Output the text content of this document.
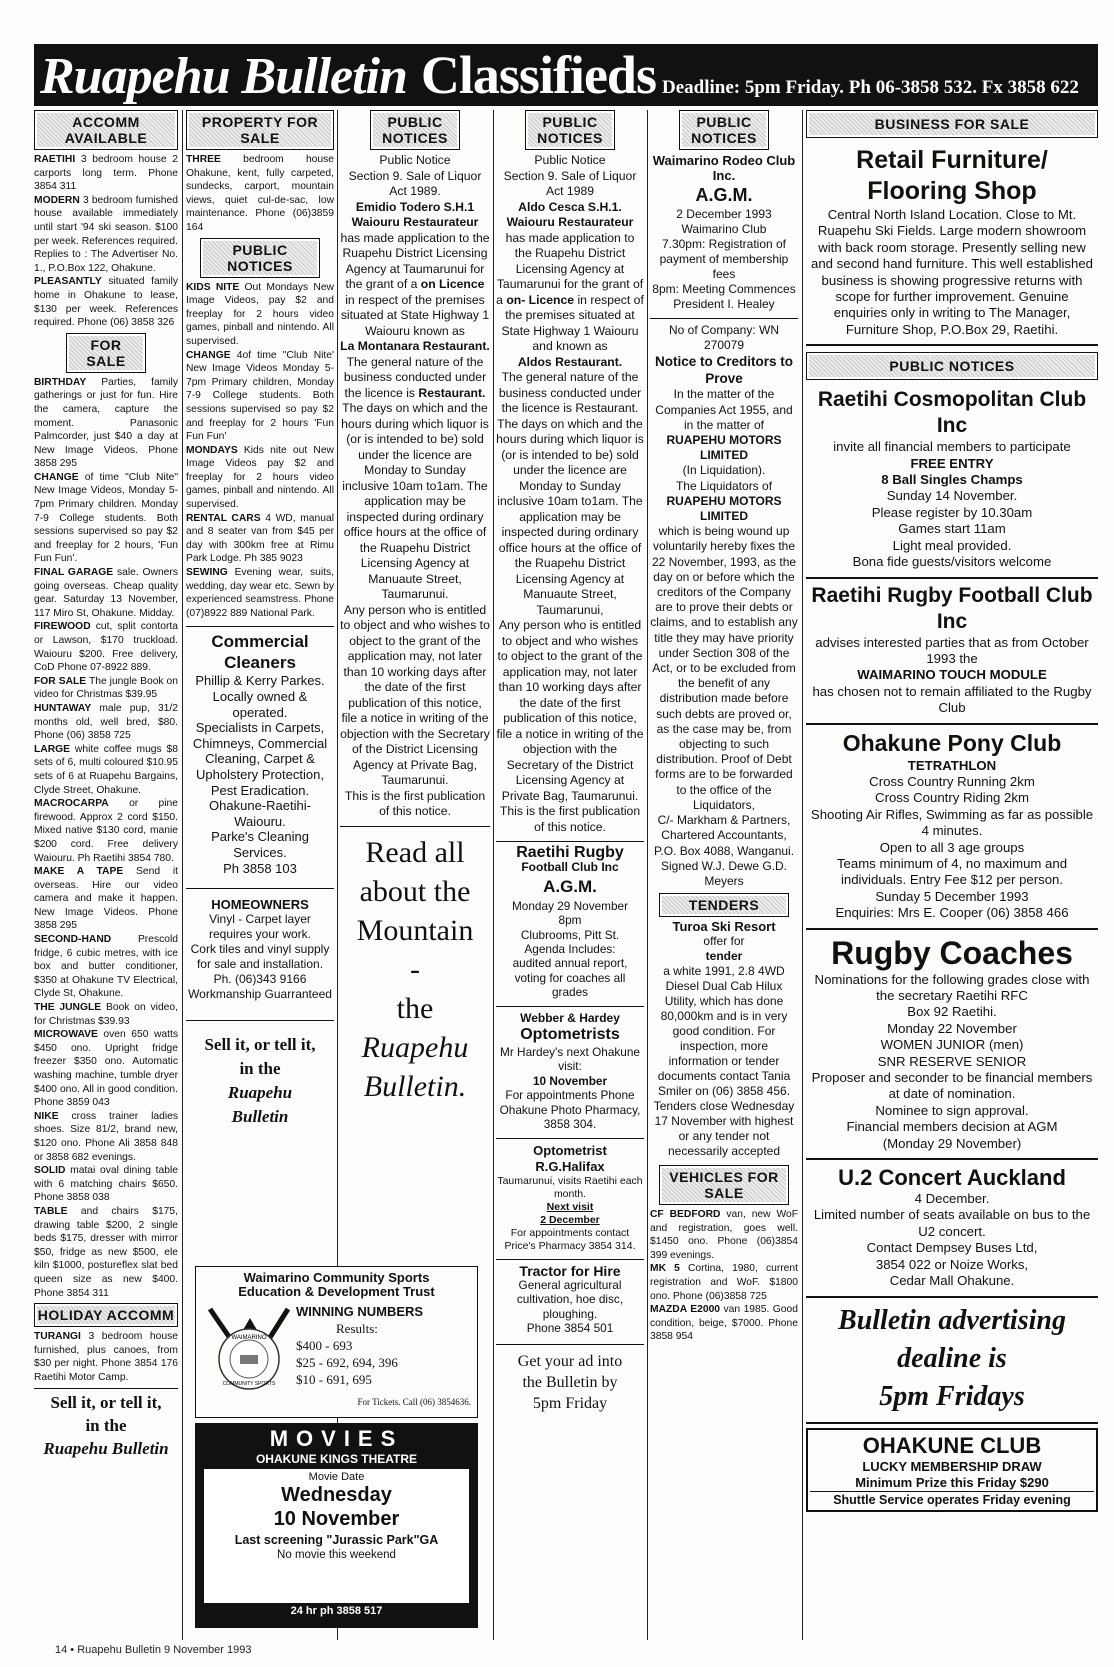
Ruapehu Bulletin Classifieds Deadline: 5pm Friday. Ph 06-3858 532. Fx 3858 622
ACCOMM AVAILABLE

RAETIHI 3 bedroom house 2 carports long term. Phone 3854 311

MODERN 3 bedroom furnished house available immediately until start '94 ski season. $100 per week. References required. Replies to : The Advertiser No. 1., P.O.Box 122, Ohakune.

PLEASANTLY situated family home in Ohakune to lease, $130 per week. References required. Phone (06) 3858 326

FOR SALE

BIRTHDAY Parties, family gatherings or just for fun. Hire the camera, capture the moment. Panasonic Palmcorder, just $40 a day at New Image Videos. Phone 3858 295

CHANGE of time "Club Nite" New Image Videos, Monday 5-7pm Primary children. Monday 7-9 College students. Both sessions supervised so pay $2 and freeplay for 2 hours, 'Fun Fun Fun'.

FINAL GARAGE sale. Owners going overseas. Cheap quality gear. Saturday 13 November, 117 Miro St, Ohakune. Midday.

FIREWOOD cut, split contorta or Lawson, $170 truckload. Waiouru $200. Free delivery, CoD Phone 07-8922 889.

FOR SALE The jungle Book on video for Christmas $39.95

HUNTAWAY male pup, 31/2 months old, well bred, $80. Phone (06) 3858 725

LARGE white coffee mugs $8 sets of 6, multi coloured $10.95 sets of 6 at Ruapehu Bargains, Clyde Street, Ohakune.

MACROCARPA or pine firewood. Approx 2 cord $150. Mixed native $130 cord, manie $200 cord. Free delivery Waiouru. Ph Raetihi 3854 780.

MAKE A TAPE Send it overseas. Hire our video camera and make it happen. New Image Videos. Phone 3858 295

SECOND-HAND	Prescold fridge, 6 cubic metres, with ice box and butter conditioner, $350 at Ohakune TV Electrical, Clyde St, Ohakune.

THE JUNGLE Book on video, for Christmas $39.93

MICROWAVE oven 650 watts $450 ono. Upright fridge freezer $350 ono. Automatic washing machine, tumble dryer $400 ono. All in good condition. Phone 3859 043

NIKE cross trainer ladies shoes. Size 81/2, brand new, $120 ono. Phone Ali 3858 848 or 3858 682 evenings.

SOLID matai oval dining table with 6 matching chairs $650. Phone 3858 038

TABLE and chairs $175, drawing table $200, 2 single beds $175, dresser with mirror $50, fridge as new $500, ele kiln $1000, postureflex slat bed queen size as new $400. Phone 3854 311

HOLIDAY ACCOMM

TURANGI 3 bedroom house furnished, plus canoes, from $30 per night. Phone 3854 176 Raetihi Motor Camp.

Sell it, or tell it,
in the
Ruapehu Bulletin
PROPERTY FOR SALE

THREE bedroom house Ohakune, kent, fully carpeted, sundecks, carport, mountain views, quiet cul-de-sac, low maintenance. Phone (06)3859 164

PUBLIC NOTICES

KIDS NITE Out Mondays New Image Videos, pay $2 and freeplay for 2 hours video games, pinball and nintendo. All supervised.

CHANGE 4of time "Club Nite' New Image Videos Monday 5-7pm Primary children, Monday 7-9 College students. Both sessions supervised so pay $2 and freeplay for 2 hours 'Fun Fun Fun'

MONDAYS Kids nite out New Image Videos pay $2 and freeplay for 2 hours video games, pinball and nintendo. All supervised.

RENTAL CARS 4 WD, manual and 8 seater van from $45 per day with 300km free at Rimu Park Lodge. Ph 385 9023

SEWING Evening wear, suits, wedding, day wear etc. Sewn by experienced seamstress. Phone (07)8922 889 National Park.

Commercial Cleaners
Phillip & Kerry Parkes.
Locally owned & operated.
Specialists in Carpets, Chimneys, Commercial Cleaning, Carpet & Upholstery Protection, Pest Eradication.
Ohakune-Raetihi-Waiouru.
Parke's Cleaning Services.
Ph 3858 103
HOMEOWNERS
Vinyl - Carpet layer requires your work.
Cork tiles and vinyl supply for sale and installation.
Ph. (06)343 9166
Workmanship Guarranteed
Sell it, or tell it,
in the
Ruapehu
Bulletin
PUBLIC NOTICES
Public Notice
Section 9. Sale of Liquor Act 1989.
Emidio Todero S.H.1 Waiouru Restaurateur
has made application to the Ruapehu District Licensing Agency at Taumarunui for the grant of a on Licence in respect of the premises situated at State Highway 1 Waiouru known as
La Montanara Restaurant.
The general nature of the business conducted under the licence is Restaurant. The days on which and the hours during which liquor is (or is intended to be) sold under the licence are Monday to Sunday inclusive 10am to1am. The application may be inspected during ordinary office hours at the office of the Ruapehu District Licensing Agency at Manuaute Street, Taumarunui.
Any person who is entitled to object and who wishes to object to the grant of the application may, not later than 10 working days after the date of the first publication of this notice, file a notice in writing of the objection with the Secretary of the District Licensing Agency at Private Bag, Taumarunui.
This is the first publication of this notice.
Read all
about the
Mountain
-
the
Ruapehu
Bulletin.
PUBLIC NOTICES
Public Notice
Section 9. Sale of Liquor Act 1989
Aldo Cesca S.H.1. Waiouru Restaurateur
has made application to the Ruapehu District Licensing Agency at Taumarunui for the grant of a on- Licence in respect of the premises situated at State Highway 1 Waiouru and known as
Aldos Restaurant.
The general nature of the business conducted under the licence is Restaurant. The days on which and the hours during which liquor is (or is intended to be) sold under the licence are Monday to Sunday inclusive 10am to1am. The application may be inspected during ordinary office hours at the office of the Ruapehu District Licensing Agency at Manuaute Street, Taumarunui,
Any person who is entitled to object and who wishes to object to the grant of the application may, not later than 10 working days after the date of the first publication of this notice, file a notice in writing of the objection with the Secretary of the District Licensing Agency at Private Bag, Taumarunui.
This is the first publication of this notice.
Raetihi Rugby
Football Club Inc
A.G.M.
Monday 29 November
8pm
Clubrooms, Pitt St.
Agenda Includes:
audited annual report, voting for coaches all grades
Webber & Hardey
Optometrists
Mr Hardey's next Ohakune visit:
10 November
For appointments Phone Ohakune Photo Pharmacy, 3858 304.
Optometrist
R.G.Halifax
Taumarunui, visits Raetihi each month.
Next visit
2 December
For appointments contact Price's Pharmacy 3854 314.
Tractor for Hire
General agricultural cultivation, hoe disc, ploughing.
Phone 3854 501
Get your ad into
the Bulletin by
5pm Friday
PUBLIC NOTICES
Waimarino Rodeo Club Inc.
A.G.M.
2 December 1993
Waimarino Club
7.30pm: Registration of payment of membership fees
8pm: Meeting Commences
President I. Healey
No of Company: WN 270079
Notice to Creditors to Prove
In the matter of the Companies Act 1955, and in the matter of
RUAPEHU MOTORS LIMITED
(In Liquidation).
The Liquidators of
RUAPEHU MOTORS LIMITED
which is being wound up voluntarily hereby fixes the 22 November, 1993, as the day on or before which the creditors of the Company are to prove their debts or claims, and to establish any title they may have priority under Section 308 of the Act, or to be excluded from the benefit of any distribution made before such debts are proved or, as the case may be, from objecting to such distribution. Proof of Debt forms are to be forwarded to the office of the Liquidators,
C/- Markham & Partners, Chartered Accountants, P.O. Box 4088, Wanganui.
Signed W.J. Dewe G.D. Meyers
TENDERS
Turoa Ski Resort
offer for
tender
a white 1991, 2.8 4WD Diesel Dual Cab Hilux Utility, which has done 80,000km and is in very good condition. For inspection, more information or tender documents contact Tania Smiler on (06) 3858 456. Tenders close Wednesday 17 November with highest or any tender not necessarily accepted
VEHICLES FOR SALE

CF BEDFORD van, new WoF and registration, goes well. $1450 ono. Phone (06)3854 399 evenings.

MK 5 Cortina, 1980, current registration and WoF. $1800 ono. Phone (06)3858 725

MAZDA E2000 van 1985. Good condition, beige, $7000. Phone 3858 954

BUSINESS FOR SALE
Retail Furniture/ Flooring Shop
Central North Island Location. Close to Mt. Ruapehu Ski Fields. Large modern showroom with back room storage. Presently selling new and second hand furniture. This well established business is showing progressive returns with scope for further improvement. Genuine enquiries only in writing to The Manager, Furniture Shop, P.O.Box 29, Raetihi.
PUBLIC NOTICES
Raetihi Cosmopolitan Club Inc
invite all financial members to participate
FREE ENTRY
8 Ball Singles Champs
Sunday 14 November.
Please register by 10.30am
Games start 11am
Light meal provided.
Bona fide guests/visitors welcome
Raetihi Rugby Football Club Inc
advises interested parties that as from October 1993 the
WAIMARINO TOUCH MODULE
has chosen not to remain affiliated to the Rugby Club
Ohakune Pony Club
TETRATHLON
Cross Country Running 2km
Cross Country Riding 2km
Shooting Air Rifles, Swimming as far as possible 4 minutes.
Open to all 3 age groups
Teams minimum of 4, no maximum and individuals. Entry Fee $12 per person.
Sunday 5 December 1993
Enquiries: Mrs E. Cooper (06) 3858 466
Rugby Coaches
Nominations for the following grades close with the secretary Raetihi RFC
Box 92 Raetihi.
Monday 22 November
WOMEN JUNIOR (men)
SNR RESERVE SENIOR
Proposer and seconder to be financial members at date of nomination.
Nominee to sign approval.
Financial members decision at AGM
(Monday 29 November)
U.2 Concert Auckland
4 December.
Limited number of seats available on bus to the U2 concert.
Contact Dempsey Buses Ltd,
3854 022 or Noize Works,
Cedar Mall Ohakune.
Bulletin advertising
dealine is
5pm Fridays
OHAKUNE CLUB
LUCKY MEMBERSHIP DRAW
Minimum Prize this Friday $290
Shuttle Service operates Friday evening
Waimarino Community Sports
Education & Development Trust
WAIMARINO
COMMUNITY SPORTS
WINNING NUMBERS
Results:
$400 - 693
$25 - 692, 694, 396
$10 - 691, 695
For Tickets. Call (06) 3854636.
MOVIES
OHAKUNE KINGS THEATRE
Movie Date
Wednesday
10 November
Last screening "Jurassic Park"GA
No movie this weekend
24 hr ph 3858 517
14 • Ruapehu Bulletin 9 November 1993
